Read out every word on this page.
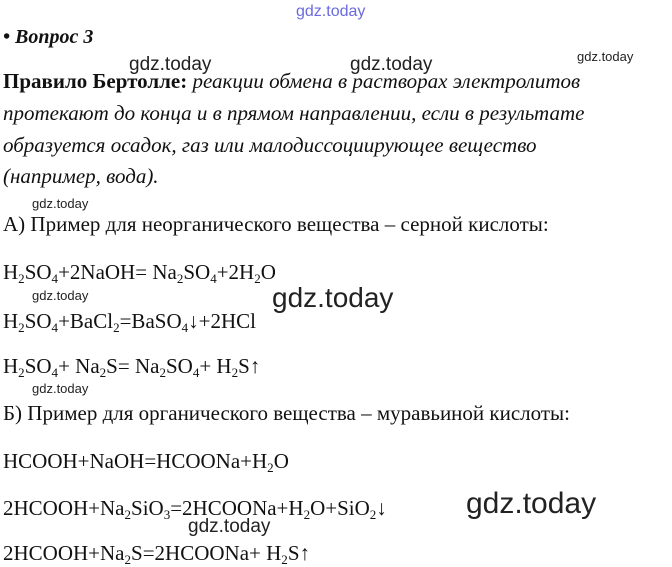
gdz.today
gdz.today	gdz.today	gdz.today
gdz.today
gdz.today	gdz.today
gdz.today
gdz.today
gdz.today
• Вопрос 3
Правило Бертолле: реакции обмена в растворах электролитов
протекают до конца и в прямом направлении, если в результате
образуется осадок, газ или малодиссоциирующее вещество
(например, вода).
А) Пример для неорганического вещества – серной кислоты:
$H_2SO_4+2NaOH= Na_2SO_4+2H_2O$
$H_2SO_4+BaCl_2=BaSO_4↓+2HCl$
$H_2SO_4+ Na_2S= Na_2SO_4+$ $H_2S↑$
Б) Пример для органического вещества – муравьиной кислоты:
$HCOOH+NaOH=HCOONa+H_2O$
$2HCOOH+Na_2SiO_3=2HCOONa+H_2O+SiO_2↓$
$2HCOOH+Na_2S=2HCOONa+$ $H_2S↑$
